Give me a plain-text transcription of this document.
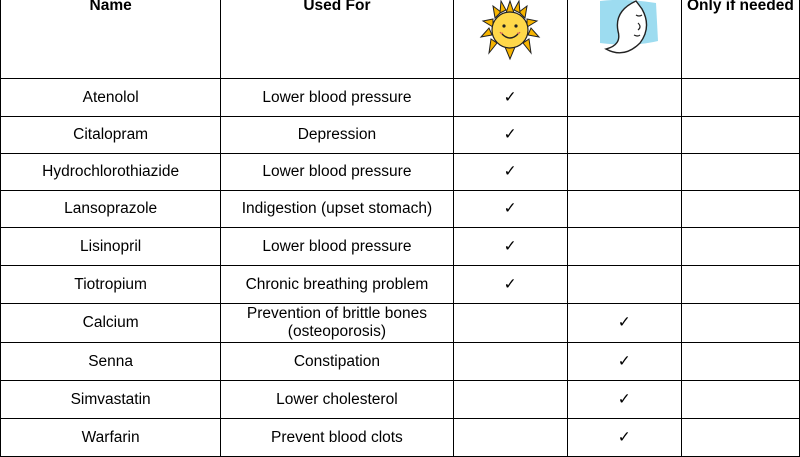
Name	Used For			Only if needed
Atenolol	Lower blood pressure	✓		
Citalopram	Depression	✓		
Hydrochlorothiazide	Lower blood pressure	✓		
Lansoprazole	Indigestion (upset stomach)	✓		
Lisinopril	Lower blood pressure	✓		
Tiotropium	Chronic breathing problem	✓		
Calcium	Prevention of brittle bones (osteoporosis)		✓	
Senna	Constipation		✓	
Simvastatin	Lower cholesterol		✓	
Warfarin	Prevent blood clots		✓	
